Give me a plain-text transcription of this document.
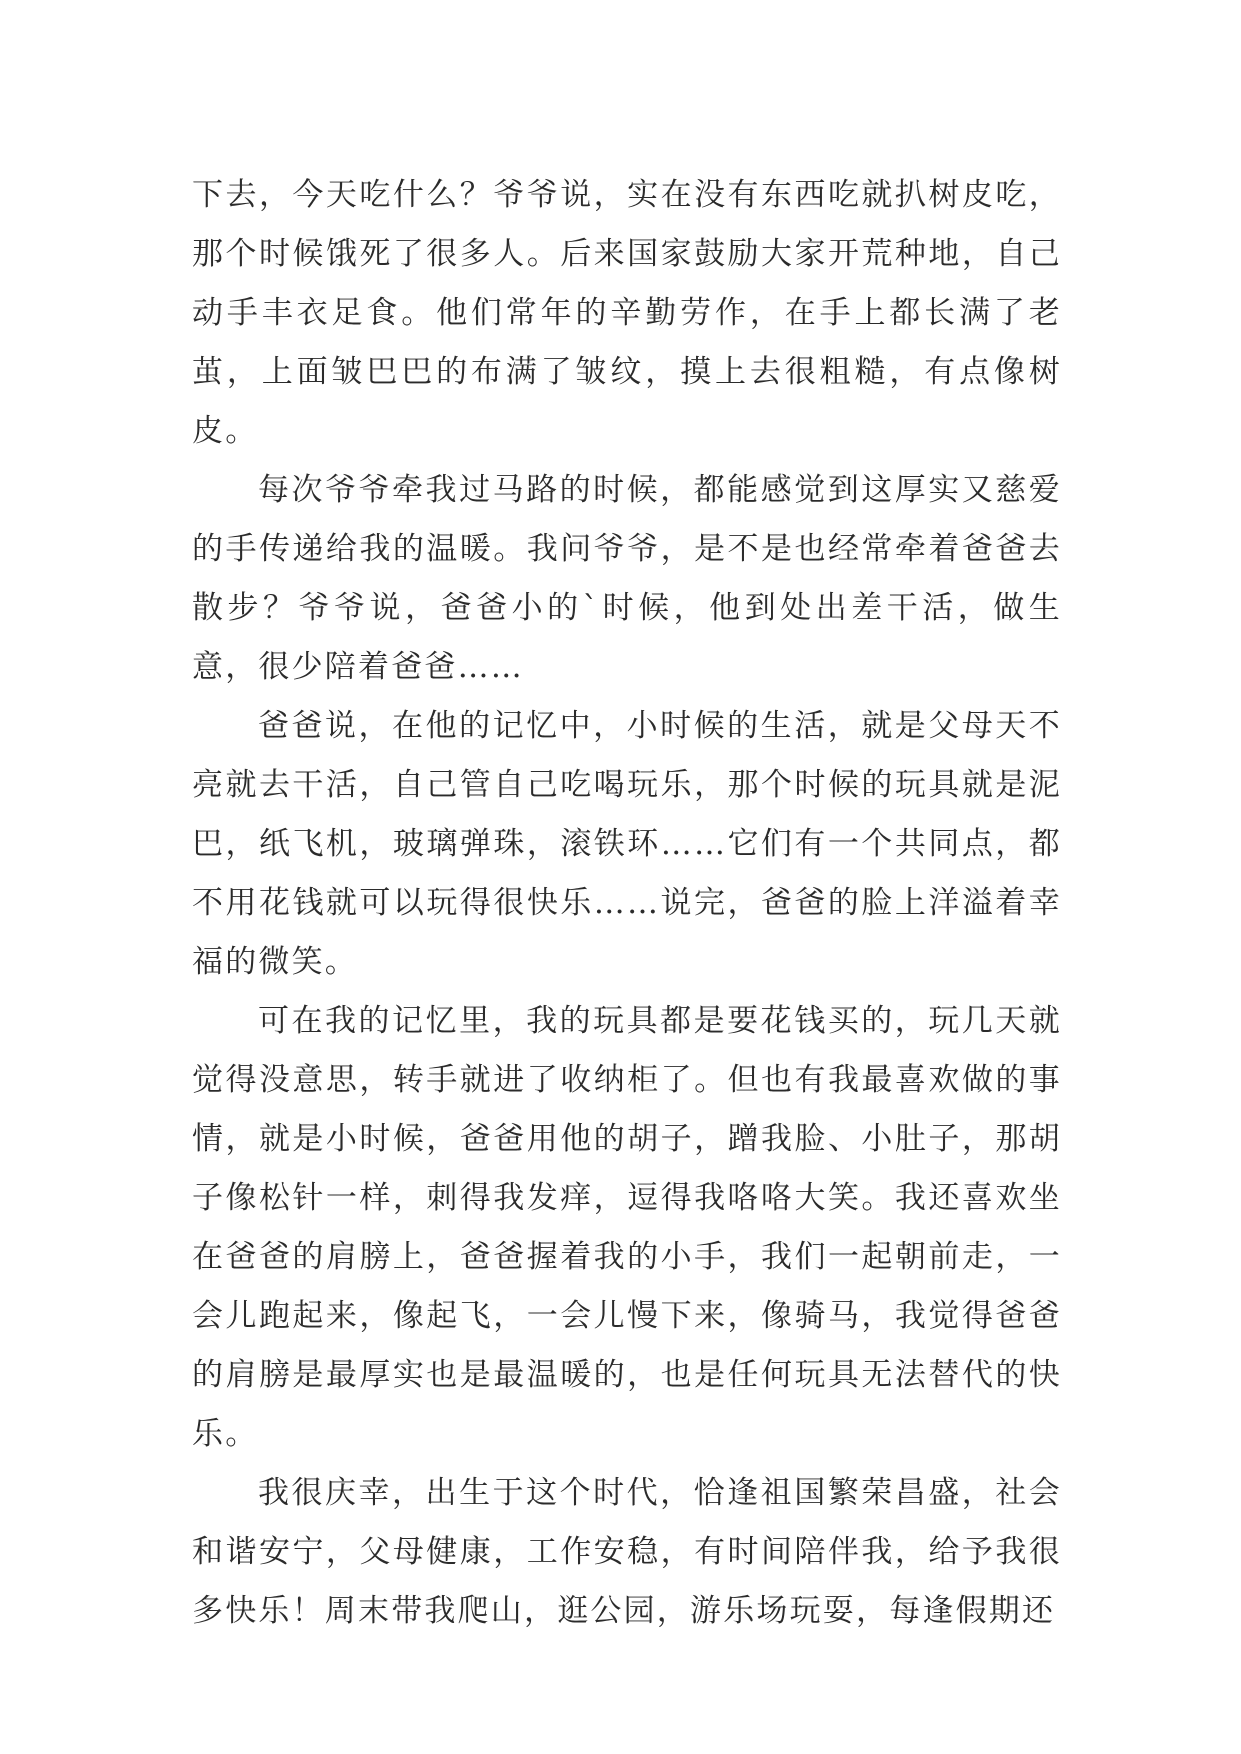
下去，今天吃什么？爷爷说，实在没有东西吃就扒树皮吃，那个时候饿死了很多人。后来国家鼓励大家开荒种地，自己动手丰衣足食。他们常年的辛勤劳作，在手上都长满了老茧，上面皱巴巴的布满了皱纹，摸上去很粗糙，有点像树皮。

每次爷爷牵我过马路的时候，都能感觉到这厚实又慈爱的手传递给我的温暖。我问爷爷，是不是也经常牵着爸爸去散步？爷爷说，爸爸小的`时候，他到处出差干活，做生意，很少陪着爸爸……

爸爸说，在他的记忆中，小时候的生活，就是父母天不亮就去干活，自己管自己吃喝玩乐，那个时候的玩具就是泥巴，纸飞机，玻璃弹珠，滚铁环……它们有一个共同点，都不用花钱就可以玩得很快乐……说完，爸爸的脸上洋溢着幸福的微笑。

可在我的记忆里，我的玩具都是要花钱买的，玩几天就觉得没意思，转手就进了收纳柜了。但也有我最喜欢做的事情，就是小时候，爸爸用他的胡子，蹭我脸、小肚子，那胡子像松针一样，刺得我发痒，逗得我咯咯大笑。我还喜欢坐在爸爸的肩膀上，爸爸握着我的小手，我们一起朝前走，一会儿跑起来，像起飞，一会儿慢下来，像骑马，我觉得爸爸的肩膀是最厚实也是最温暖的，也是任何玩具无法替代的快乐。

我很庆幸，出生于这个时代，恰逢祖国繁荣昌盛，社会和谐安宁，父母健康，工作安稳，有时间陪伴我，给予我很多快乐！周末带我爬山，逛公园，游乐场玩耍，每逢假期还
